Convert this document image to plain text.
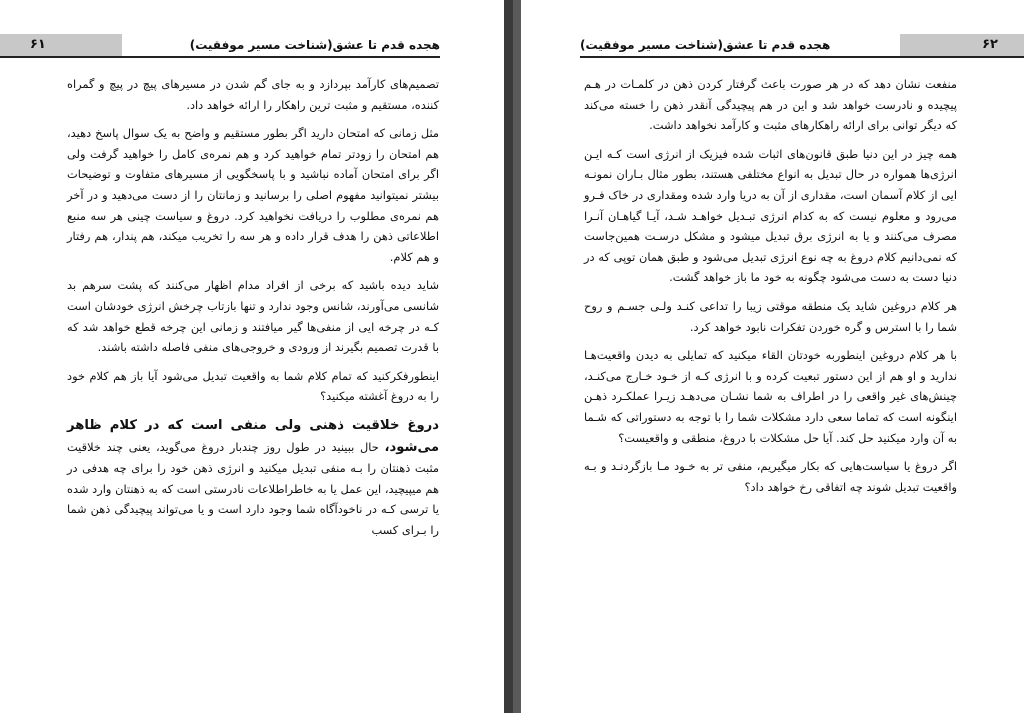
۶۱	هجده قدم تا عشق(شناخت مسیر موفقیت)	۶۲
هجده قدم تا عشق(شناخت مسیر موفقیت)

تصمیم‌های کارآمد بپردازد و به جای گم شدن در مسیرهای پیچ در پیچ و گمراه کننده، مستقیم و مثبت ترین راهکار را ارائه خواهد داد.

مثل زمانی که امتحان دارید اگر بطور مستقیم و واضح به یک سوال پاسخ دهید، هم امتحان را زودتر تمام خواهید کرد و هم نمره‌ی کامل را خواهید گرفت ولی اگر برای امتحان آماده نباشید و با پاسخگویی از مسیرهای متفاوت و توضیحات بیشتر نمیتوانید مفهوم اصلی را برسانید و زمانتان را از دست می‌دهید و در آخر هم نمره‌ی مطلوب را دریافت نخواهید کرد. دروغ و سیاست چینی هر سه منبع اطلاعاتی ذهن را هدف قرار داده و هر سه را تخریب میکند، هم پندار، هم رفتار و هم کلام.

شاید دیده باشید که برخی از افراد مدام اظهار می‌کنند که پشت سرهم بد شانسی می‌آورند، شانس وجود ندارد و تنها بازتاب چرخش انرژی خودشان است کـه در چرخه ایی از منفی‌ها گیر میافتند و زمانی این چرخه قطع خواهد شد که با قدرت تصمیم بگیرند از ورودی و خروجی‌های منفی فاصله داشته باشند.

اینطورفکرکنید که تمام کلام شما به واقعیت تبدیل می‌شود آیا باز هم کلام خود را به دروغ آغشته میکنید؟

دروغ خلاقیت ذهنی ولی منفی است که در کلام ظاهر می‌شود، حال ببینید در طول روز چندبار دروغ می‌گوید، یعنی چند خلاقیت مثبت ذهنتان را بـه منفی تبدیل میکنید و انرژی ذهن خود را برای چه هدفی در هم میپیچید، این عمل یا به خاطراطلاعات نادرستی است که به ذهنتان وارد شده یا ترسی کـه در ناخودآگاه شما وجود دارد است و یا می‌تواند پیچیدگی ذهن شما را بـرای کسب

منفعت نشان دهد که در هر صورت باعث گرفتار کردن ذهن در کلمـات در هـم پیچیده و نادرست خواهد شد و این در هم پیچیدگی آنقدر ذهن را خسته می‌کند که دیگر توانی برای ارائه راهکارهای مثبت و کارآمد نخواهد داشت.

همه چیز در این دنیا طبق قانون‌های اثبات شده فیزیک از انرژی است کـه ایـن انرژی‌ها همواره در حال تبدیل به انواع مختلفی هستند، بطور مثال بـاران نمونـه ایی از کلام آسمان است، مقداری از آن به دریا وارد شده ومقداری در خاک فـرو می‌رود و معلوم نیست که به کدام انرژی تبـدیل خواهـد شـد، آیـا گیاهـان آنـرا مصرف می‌کنند و یا به انرژی برق تبدیل میشود و مشکل درسـت همین‌جاست که نمی‌دانیم کلام دروغ به چه نوع انرژی تبدیل می‌شود و طبق همان توپی که در دنیا دست به دست می‌شود چگونه به خود ما باز خواهد گشت.

هر کلام دروغین شاید یک منطقه موقتی زیبا را تداعی کنـد ولـی جسـم و روح شما را با استرس و گره خوردن تفکرات نابود خواهد کرد.

با هر کلام دروغین اینطوربه خودتان القاء میکنید که تمایلی به دیدن واقعیت‌هـا ندارید و او هم از این دستور تبعیت کرده و با انرژی کـه از خـود خـارج می‌کنـد، چینش‌های غیر واقعی را در اطراف به شما نشـان می‌دهـد زیـرا عملکـرد ذهـن اینگونه است که تماما سعی دارد مشکلات شما را با توجه به دستوراتی که شـما به آن وارد میکنید حل کند. آیا حل مشکلات با دروغ، منطقی و واقعیست؟

اگر دروغ یا سیاست‌هایی که بکار میگیریم، منفی تر به خـود مـا بازگردنـد و بـه واقعیت تبدیل شوند چه اتفاقی رخ خواهد داد؟
